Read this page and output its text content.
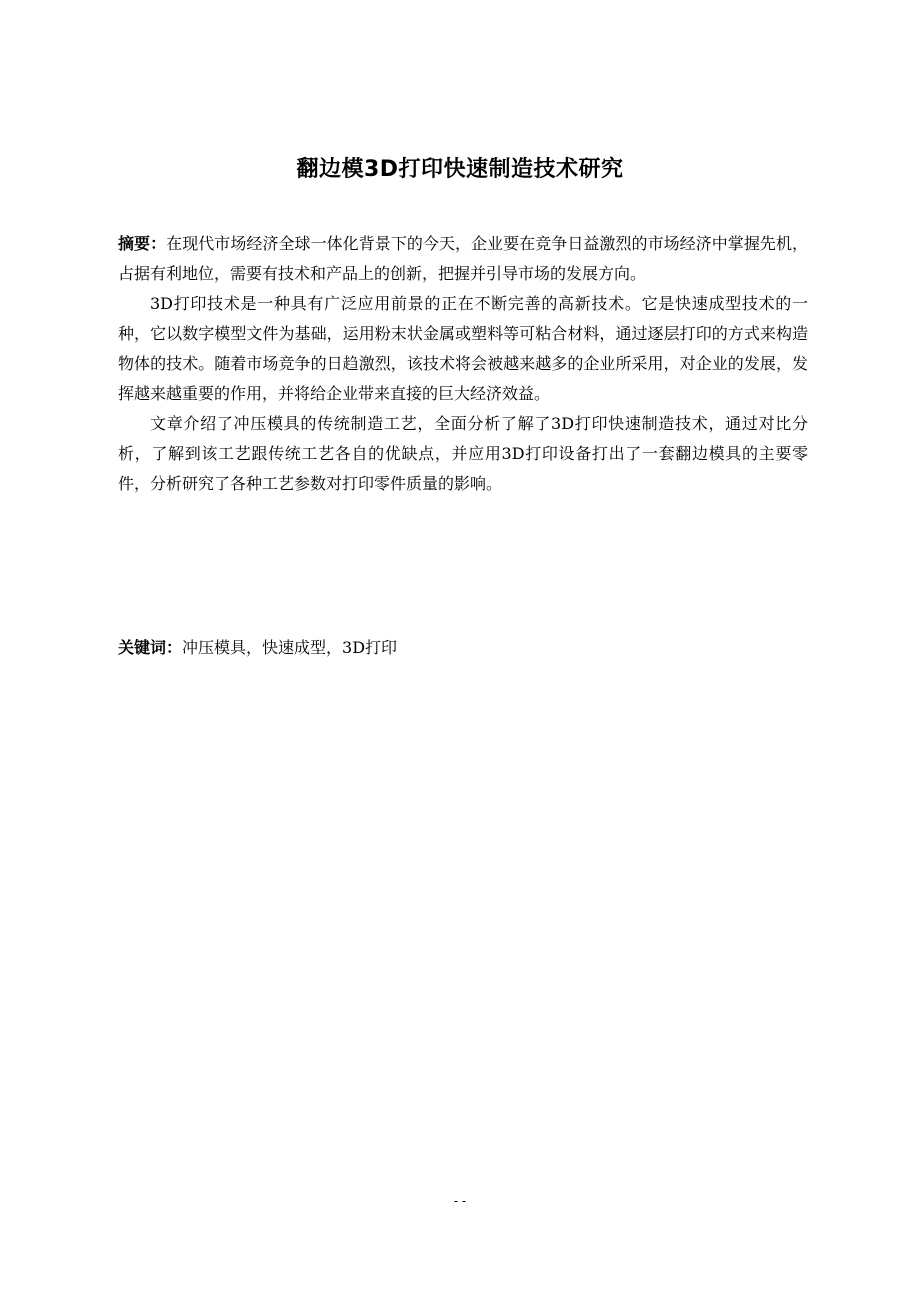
翻边模3D打印快速制造技术研究

摘要：在现代市场经济全球一体化背景下的今天，企业要在竞争日益激烈的市场经济中掌握先机，占据有利地位，需要有技术和产品上的创新，把握并引导市场的发展方向。

3D打印技术是一种具有广泛应用前景的正在不断完善的高新技术。它是快速成型技术的一种，它以数字模型文件为基础，运用粉末状金属或塑料等可粘合材料，通过逐层打印的方式来构造物体的技术。随着市场竞争的日趋激烈，该技术将会被越来越多的企业所采用，对企业的发展，发挥越来越重要的作用，并将给企业带来直接的巨大经济效益。

文章介绍了冲压模具的传统制造工艺，全面分析了解了3D打印快速制造技术，通过对比分析，了解到该工艺跟传统工艺各自的优缺点，并应用3D打印设备打出了一套翻边模具的主要零件，分析研究了各种工艺参数对打印零件质量的影响。

关键词：冲压模具，快速成型，3D打印

- -
